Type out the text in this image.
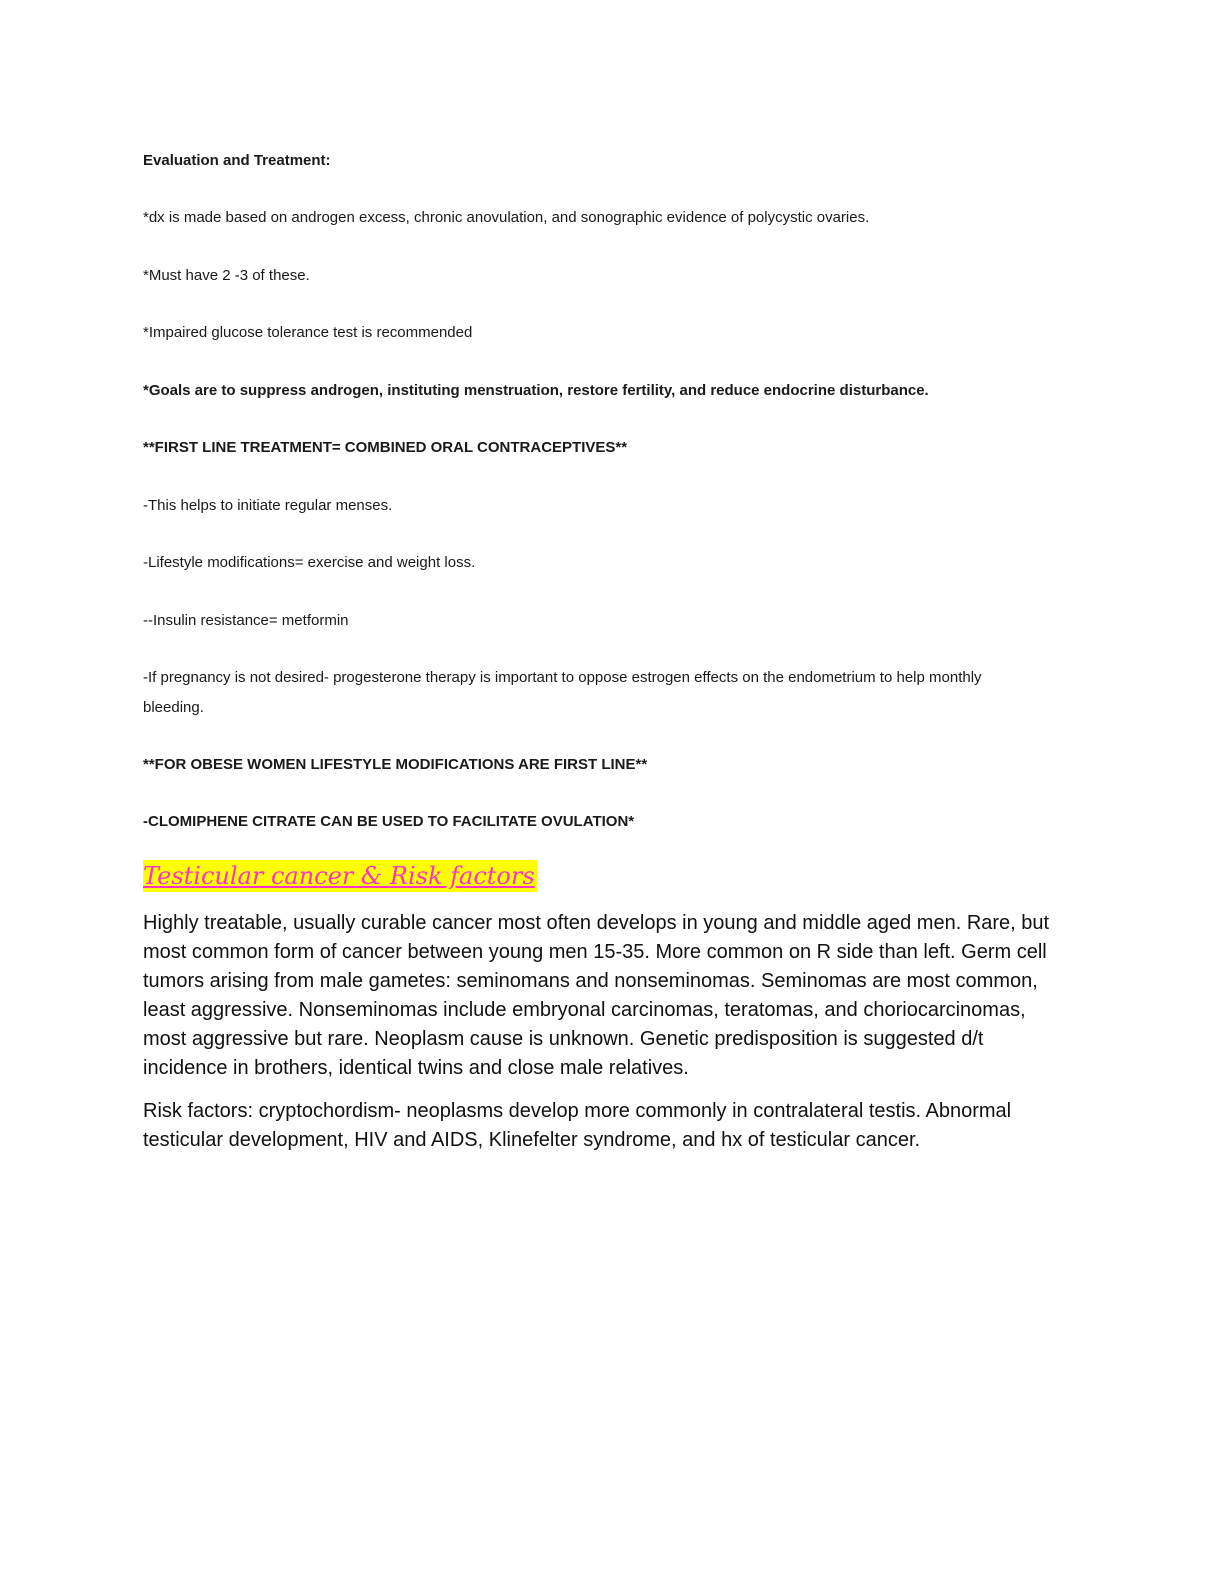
Evaluation and Treatment:
*dx is made based on androgen excess, chronic anovulation, and sonographic evidence of polycystic ovaries.
*Must have 2 -3 of these.
*Impaired glucose tolerance test is recommended
*Goals are to suppress androgen, instituting menstruation, restore fertility, and reduce endocrine disturbance.
**FIRST LINE TREATMENT= COMBINED ORAL CONTRACEPTIVES**
-This helps to initiate regular menses.
-Lifestyle modifications= exercise and weight loss.
--Insulin resistance= metformin
-If pregnancy is not desired- progesterone therapy is important to oppose estrogen effects on the endometrium to help monthly bleeding.
**FOR OBESE WOMEN LIFESTYLE MODIFICATIONS ARE FIRST LINE**
-CLOMIPHENE CITRATE CAN BE USED TO FACILITATE OVULATION*
Testicular cancer & Risk factors
Highly treatable, usually curable cancer most often develops in young and middle aged men. Rare, but most common form of cancer between young men 15-35. More common on R side than left. Germ cell tumors arising from male gametes: seminomans and nonseminomas. Seminomas are most common, least aggressive. Nonseminomas include embryonal carcinomas, teratomas, and choriocarcinomas, most aggressive but rare. Neoplasm cause is unknown. Genetic predisposition is suggested d/t incidence in brothers, identical twins and close male relatives.
Risk factors: cryptochordism- neoplasms develop more commonly in contralateral testis. Abnormal testicular development, HIV and AIDS, Klinefelter syndrome, and hx of testicular cancer.
